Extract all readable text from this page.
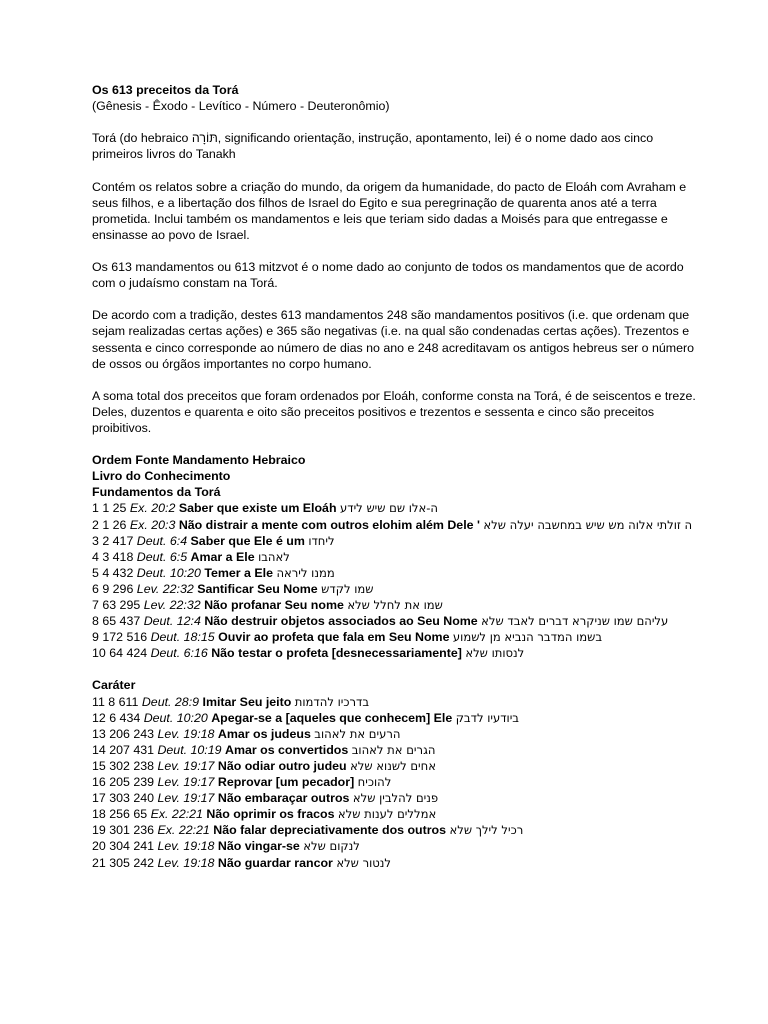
Os 613 preceitos da Torá
(Gênesis - Êxodo - Levítico - Número - Deuteronômio)
Torá (do hebraico תּוֹרָה, significando orientação, instrução, apontamento, lei) é o nome dado aos cinco
primeiros livros do Tanakh
Contém os relatos sobre a criação do mundo, da origem da humanidade, do pacto de Eloáh com Avraham e
seus filhos, e a libertação dos filhos de Israel do Egito e sua peregrinação de quarenta anos até a terra
prometida. Inclui também os mandamentos e leis que teriam sido dadas a Moisés para que entregasse e
ensinasse ao povo de Israel.
Os 613 mandamentos ou 613 mitzvot é o nome dado ao conjunto de todos os mandamentos que de acordo
com o judaísmo constam na Torá.
De acordo com a tradição, destes 613 mandamentos 248 são mandamentos positivos (i.e. que ordenam que
sejam realizadas certas ações) e 365 são negativas (i.e. na qual são condenadas certas ações). Trezentos e
sessenta e cinco corresponde ao número de dias no ano e 248 acreditavam os antigos hebreus ser o número
de ossos ou órgãos importantes no corpo humano.
A soma total dos preceitos que foram ordenados por Eloáh, conforme consta na Torá, é de seiscentos e treze.
Deles, duzentos e quarenta e oito são preceitos positivos e trezentos e sessenta e cinco são preceitos
proibitivos.
Ordem Fonte Mandamento Hebraico
Livro do Conhecimento
Fundamentos da Torá
1 1 25 Ex. 20:2 Saber que existe um Eloáh ה-אלו שם שיש לידע
2 1 26 Ex. 20:3 Não distrair a mente com outros elohim além Dele ' ה זולתי אלוה מש שיש במחשבה יעלה שלא
3 2 417 Deut. 6:4 Saber que Ele é um ליחדו
4 3 418 Deut. 6:5 Amar a Ele לאהבו
5 4 432 Deut. 10:20 Temer a Ele ממנו ליראה
6 9 296 Lev. 22:32 Santificar Seu Nome שמו לקדש
7 63 295 Lev. 22:32 Não profanar Seu nome שמו את לחלל שלא
8 65 437 Deut. 12:4 Não destruir objetos associados ao Seu Nome עליהם שמו שניקרא דברים לאבד שלא
9 172 516 Deut. 18:15 Ouvir ao profeta que fala em Seu Nome בשמו המדבר הנביא מן לשמוע
10 64 424 Deut. 6:16 Não testar o profeta [desnecessariamente] לנסותו שלא
Caráter
11 8 611 Deut. 28:9 Imitar Seu jeito בדרכיו להדמות
12 6 434 Deut. 10:20 Apegar-se a [aqueles que conhecem] Ele ביודעיו לדבק
13 206 243 Lev. 19:18 Amar os judeus הרעים את לאהוב
14 207 431 Deut. 10:19 Amar os convertidos הגרים את לאהוב
15 302 238 Lev. 19:17 Não odiar outro judeu אחים לשנוא שלא
16 205 239 Lev. 19:17 Reprovar [um pecador] להוכיח
17 303 240 Lev. 19:17 Não embaraçar outros פנים להלבין שלא
18 256 65 Ex. 22:21 Não oprimir os fracos אמללים לענות שלא
19 301 236 Ex. 22:21 Não falar depreciativamente dos outros רכיל לילך שלא
20 304 241 Lev. 19:18 Não vingar-se לנקום שלא
21 305 242 Lev. 19:18 Não guardar rancor לנטור שלא
